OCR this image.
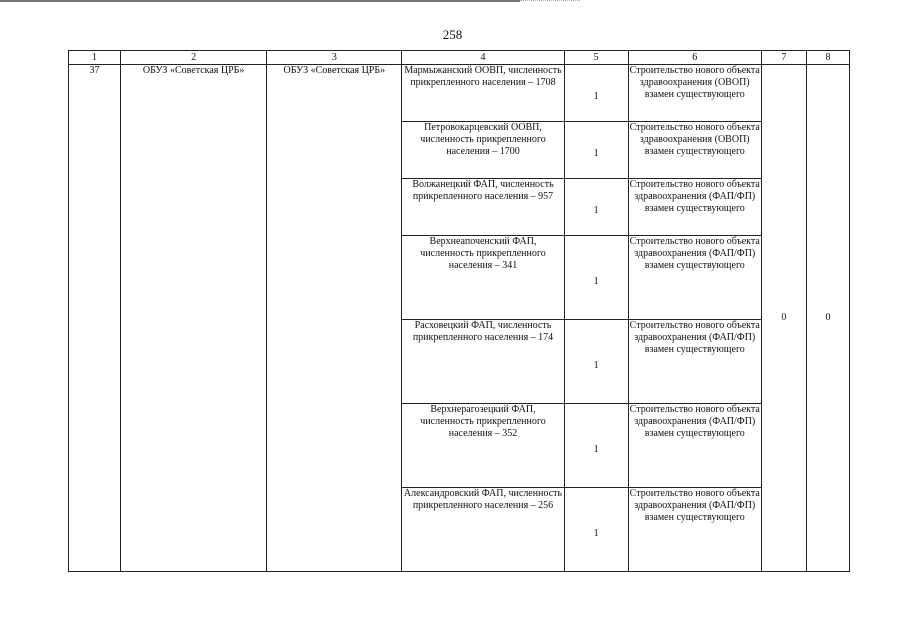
258
1	2	3	4	5	6	7	8
37	ОБУЗ «Советская ЦРБ»	ОБУЗ «Советская ЦРБ»	Мармыжанский ООВП, численность прикрепленного населения – 1708	1	Строительство нового объекта здравоохранения (ОВОП) взамен существующего	0	0
			Петровокарцевский ООВП, численность прикрепленного населения – 1700	1	Строительство нового объекта здравоохранения (ОВОП) взамен существующего		
			Волжанецкий ФАП, численность прикрепленного населения – 957	1	Строительство нового объекта здравоохранения (ФАП/ФП) взамен существующего		
			Верхнеапоченский ФАП, численность прикрепленного населения – 341	1	Строительство нового объекта здравоохранения (ФАП/ФП) взамен существующего		
			Расховецкий ФАП, численность прикрепленного населения – 174	1	Строительство нового объекта здравоохранения (ФАП/ФП) взамен существующего		
			Верхнерагозецкий ФАП, численность прикрепленного населения – 352	1	Строительство нового объекта здравоохранения (ФАП/ФП) взамен существующего		
			Александровский ФАП, численность прикрепленного населения – 256	1	Строительство нового объекта здравоохранения (ФАП/ФП) взамен существующего		
